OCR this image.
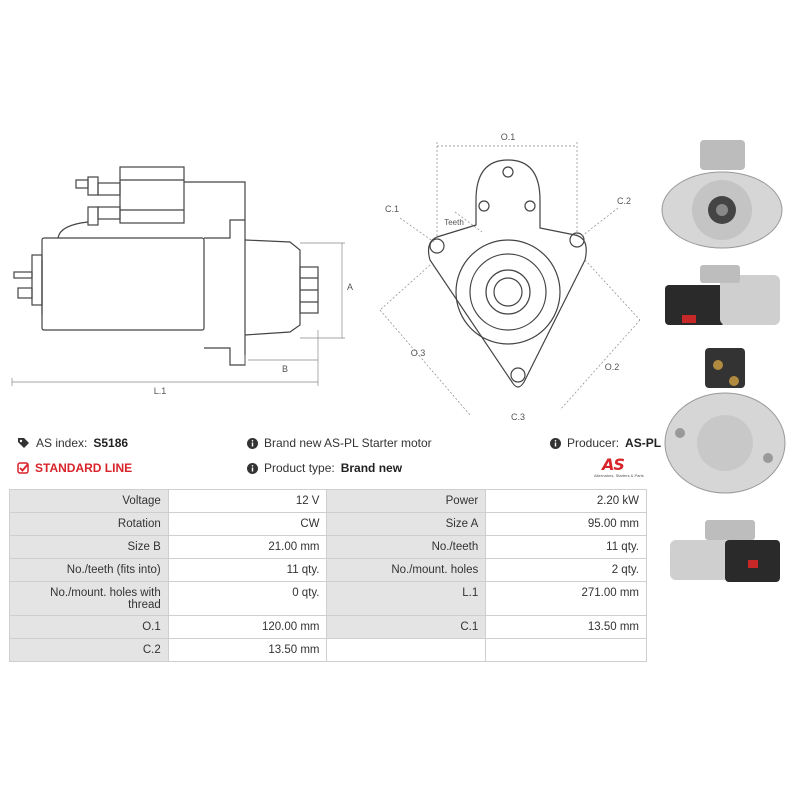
L.1
B
A
O.1
C.1
C.2
Teeth
O.3
O.2
C.3
AS index: S5186
STANDARD LINE
Brand new AS-PL Starter motor
Product type: Brand new
Producer: AS-PL
AS
Alternators, Starters & Parts
Voltage	12 V	Power	2.20 kW
Rotation	CW	Size A	95.00 mm
Size B	21.00 mm	No./teeth	11 qty.
No./teeth (fits into)	11 qty.	No./mount. holes	2 qty.
No./mount. holes with thread	0 qty.	L.1	271.00 mm
O.1	120.00 mm	C.1	13.50 mm
C.2	13.50 mm		
